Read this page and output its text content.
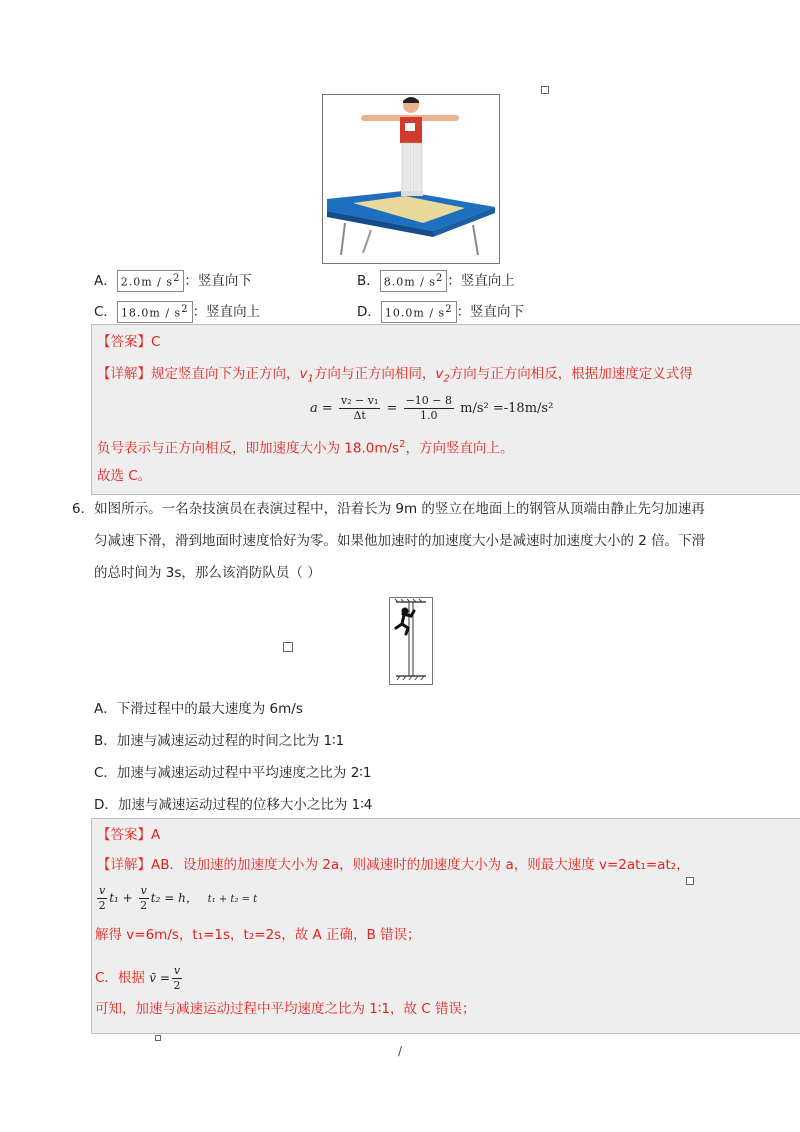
A． $2.0m / s^2$ ：竖直向下	B． $8.0m / s^2$ ：竖直向上
C． $18.0m / s^2$ ：竖直向上	D． $10.0m / s^2$ ：竖直向下
【答案】C
【详解】规定竖直向下为正方向，$v_1$方向与正方向相同，$v_2$方向与正方向相反，根据加速度定义式得
$a = \frac{\text{v₂ − v₁}}{\Delta t} = \frac{-10 - 8}{1.0} m/s^2 =-18m/s^2$
负号表示与正方向相反，即加速度大小为 $18.0m/s^2$，方向竖直向上。
故选 C。
6．如图所示。一名杂技演员在表演过程中，沿着长为 9m 的竖立在地面上的钢管从顶端由静止先匀加速再
匀减速下滑，滑到地面时速度恰好为零。如果他加速时的加速度大小是减速时加速度大小的 2 倍。下滑
的总时间为 3s，那么该消防队员（ ）
A．下滑过程中的最大速度为 6m/s
B．加速与减速运动过程的时间之比为 1∶1
C．加速与减速运动过程中平均速度之比为 2∶1
D．加速与减速运动过程的位移大小之比为 1∶4
【答案】A
【详解】AB．设加速的加速度大小为 2a，则减速时的加速度大小为 a，则最大速度 v=2at₁=at₂，
$\frac{v}{2} t_1 + \frac{v}{2} t_2 = h$， t₁ + t₂ = t
解得 v=6m/s，t₁=1s，t₂=2s，故 A 正确，B 错误；
C．根据 v̄ = $\frac{v}{2}$
可知，加速与减速运动过程中平均速度之比为 1∶1，故 C 错误；
/
